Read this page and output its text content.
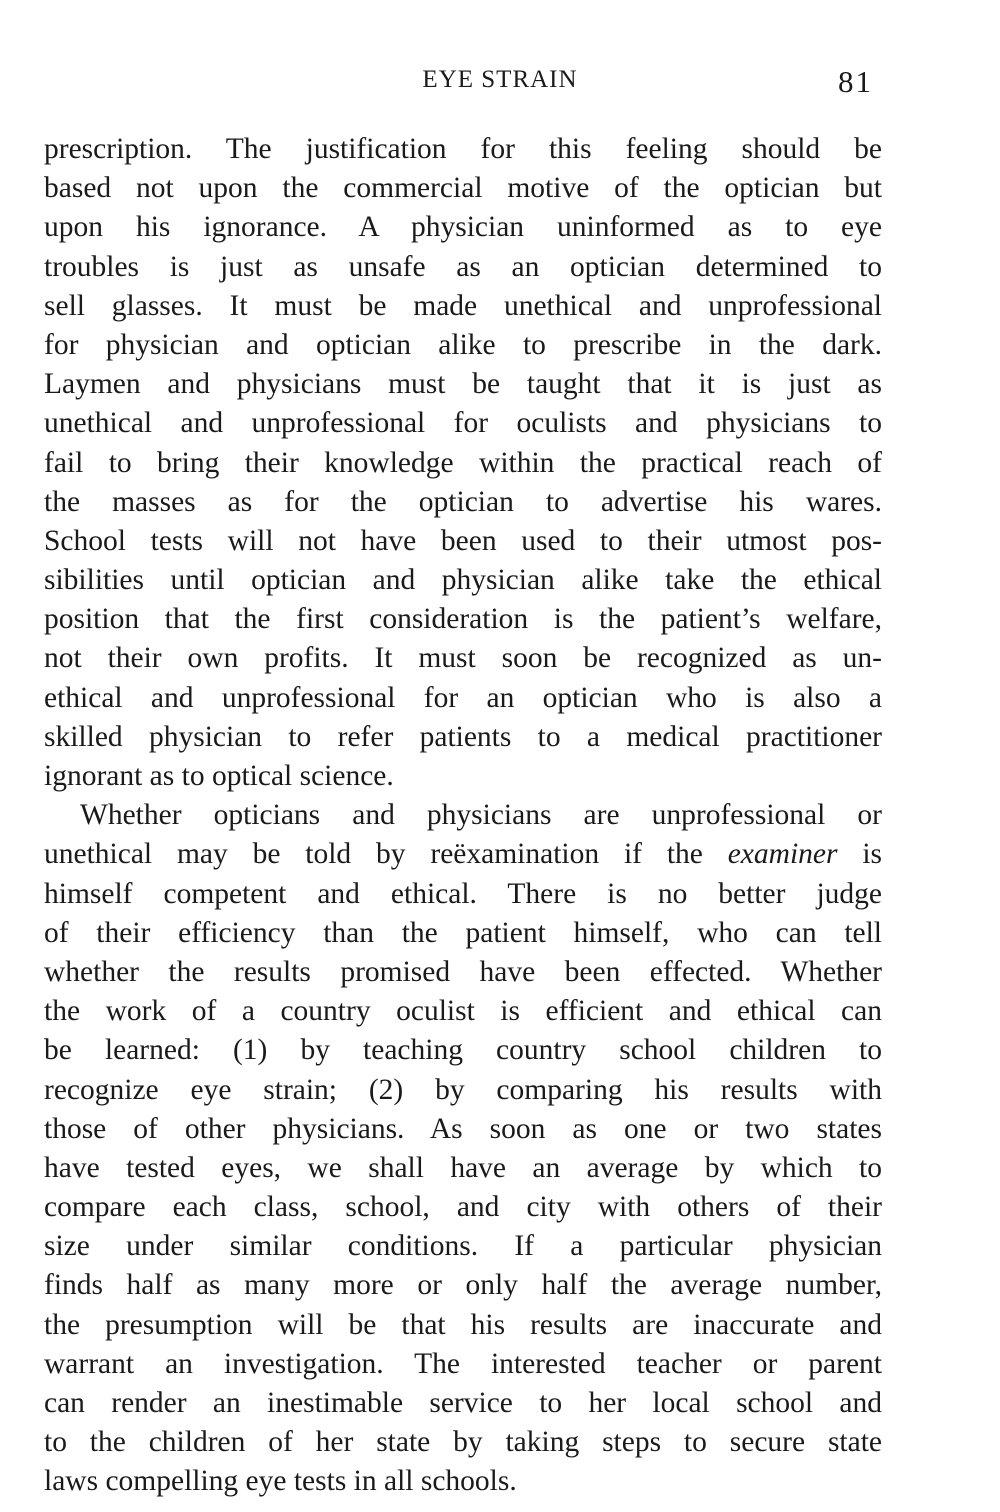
EYE STRAIN	81
prescription. The justification for this feeling should be
based not upon the commercial motive of the optician but
upon his ignorance. A physician uninformed as to eye
troubles is just as unsafe as an optician determined to
sell glasses. It must be made unethical and unprofessional
for physician and optician alike to prescribe in the dark.
Laymen and physicians must be taught that it is just as
unethical and unprofessional for oculists and physicians to
fail to bring their knowledge within the practical reach of
the masses as for the optician to advertise his wares.
School tests will not have been used to their utmost pos-
sibilities until optician and physician alike take the ethical
position that the first consideration is the patient’s welfare,
not their own profits. It must soon be recognized as un-
ethical and unprofessional for an optician who is also a
skilled physician to refer patients to a medical practitioner
ignorant as to optical science.
Whether opticians and physicians are unprofessional or
unethical may be told by reëxamination if the examiner is
himself competent and ethical. There is no better judge
of their efficiency than the patient himself, who can tell
whether the results promised have been effected. Whether
the work of a country oculist is efficient and ethical can
be learned: (1) by teaching country school children to
recognize eye strain; (2) by comparing his results with
those of other physicians. As soon as one or two states
have tested eyes, we shall have an average by which to
compare each class, school, and city with others of their
size under similar conditions. If a particular physician
finds half as many more or only half the average number,
the presumption will be that his results are inaccurate and
warrant an investigation. The interested teacher or parent
can render an inestimable service to her local school and
to the children of her state by taking steps to secure state
laws compelling eye tests in all schools.
